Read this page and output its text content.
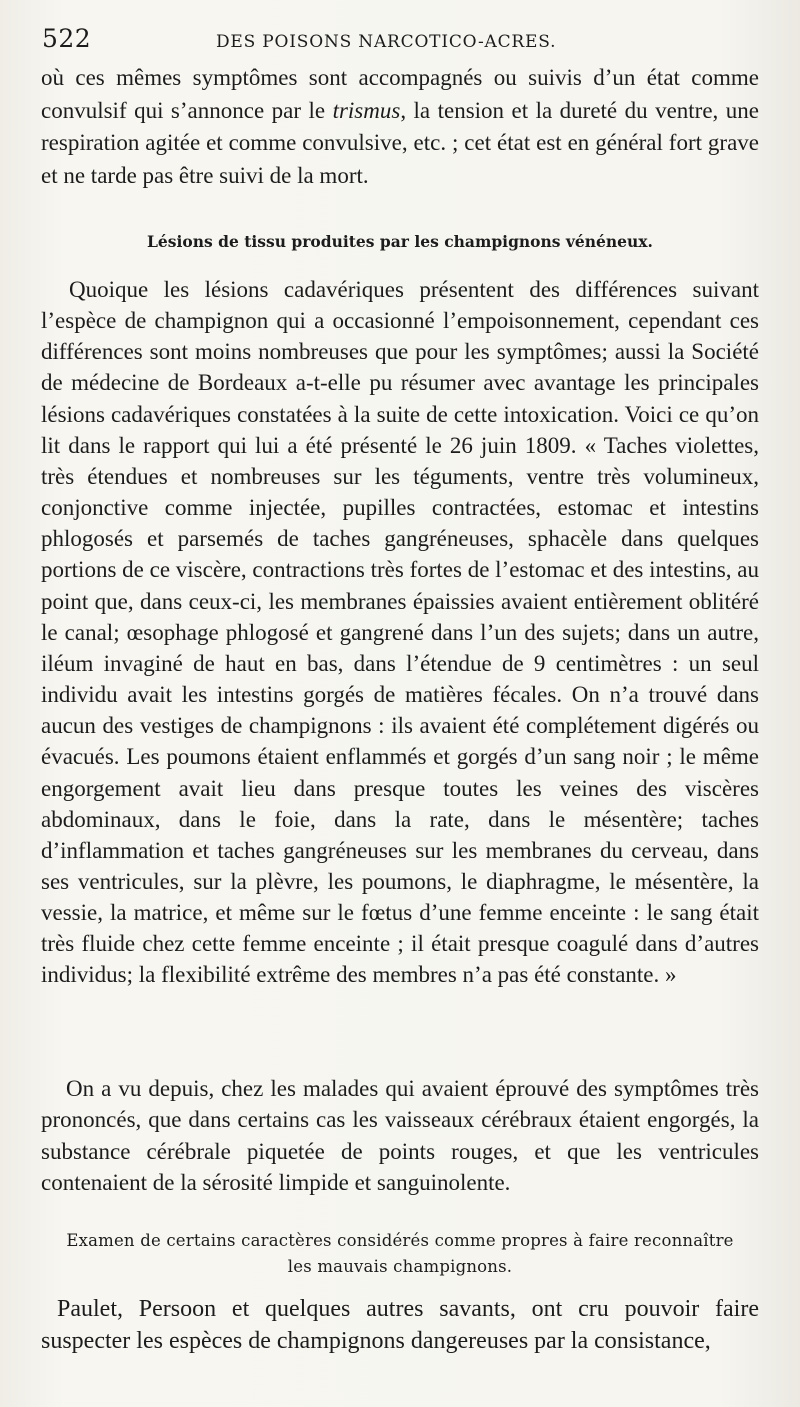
522	DES POISONS NARCOTICO-ACRES.

où ces mêmes symptômes sont accompagnés ou suivis d’un état comme convulsif qui s’annonce par le trismus, la tension et la dureté du ventre, une respiration agitée et comme convulsive, etc. ; cet état est en général fort grave et ne tarde pas être suivi de la mort.

Lésions de tissu produites par les champignons vénéneux.

Quoique les lésions cadavériques présentent des différences suivant l’espèce de champignon qui a occasionné l’empoisonnement, cependant ces différences sont moins nombreuses que pour les symptômes; aussi la Société de médecine de Bordeaux a-t-elle pu résumer avec avantage les principales lésions cadavériques constatées à la suite de cette intoxication. Voici ce qu’on lit dans le rapport qui lui a été présenté le 26 juin 1809. « Taches violettes, très étendues et nombreuses sur les téguments, ventre très volumineux, conjonctive comme injectée, pupilles contractées, estomac et intestins phlogosés et parsemés de taches gangréneuses, sphacèle dans quelques portions de ce viscère, contractions très fortes de l’estomac et des intestins, au point que, dans ceux-ci, les membranes épaissies avaient entièrement oblitéré le canal; œsophage phlogosé et gangrené dans l’un des sujets; dans un autre, iléum invaginé de haut en bas, dans l’étendue de 9 centimètres : un seul individu avait les intestins gorgés de matières fécales. On n’a trouvé dans aucun des vestiges de champignons : ils avaient été complétement digérés ou évacués. Les poumons étaient enflammés et gorgés d’un sang noir ; le même engorgement avait lieu dans presque toutes les veines des viscères abdominaux, dans le foie, dans la rate, dans le mésentère; taches d’inflammation et taches gangréneuses sur les membranes du cerveau, dans ses ventricules, sur la plèvre, les poumons, le diaphragme, le mésentère, la vessie, la matrice, et même sur le fœtus d’une femme enceinte : le sang était très fluide chez cette femme enceinte ; il était presque coagulé dans d’autres individus; la flexibilité extrême des membres n’a pas été constante. »

On a vu depuis, chez les malades qui avaient éprouvé des symptômes très prononcés, que dans certains cas les vaisseaux cérébraux étaient engorgés, la substance cérébrale piquetée de points rouges, et que les ventricules contenaient de la sérosité limpide et sanguinolente.

Examen de certains caractères considérés comme propres à faire reconnaître
les mauvais champignons.

Paulet, Persoon et quelques autres savants, ont cru pouvoir faire suspecter les espèces de champignons dangereuses par la consistance,
